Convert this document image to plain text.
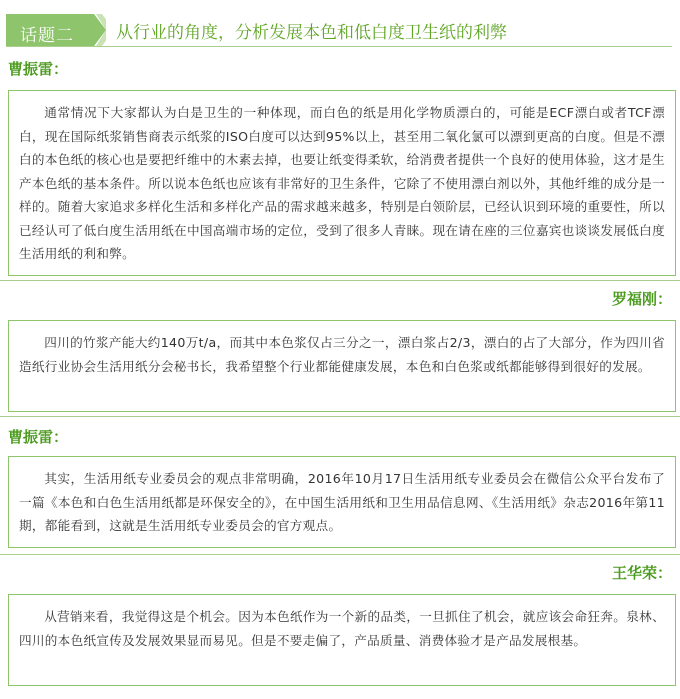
话题二 从行业的角度，分析发展本色和低白度卫生纸的利弊
曹振雷：

通常情况下大家都认为白是卫生的一种体现，而白色的纸是用化学物质漂白的，可能是ECF漂白或者TCF漂白，现在国际纸浆销售商表示纸浆的ISO白度可以达到95%以上，甚至用二氧化氯可以漂到更高的白度。但是不漂白的本色纸的核心也是要把纤维中的木素去掉，也要让纸变得柔软，给消费者提供一个良好的使用体验，这才是生产本色纸的基本条件。所以说本色纸也应该有非常好的卫生条件，它除了不使用漂白剂以外，其他纤维的成分是一样的。随着大家追求多样化生活和多样化产品的需求越来越多，特别是白领阶层，已经认识到环境的重要性，所以已经认可了低白度生活用纸在中国高端市场的定位，受到了很多人青睐。现在请在座的三位嘉宾也谈谈发展低白度生活用纸的利和弊。

罗福刚：

四川的竹浆产能大约140万t/a，而其中本色浆仅占三分之一，漂白浆占2/3，漂白的占了大部分，作为四川省造纸行业协会生活用纸分会秘书长，我希望整个行业都能健康发展，本色和白色浆或纸都能够得到很好的发展。

曹振雷：

其实，生活用纸专业委员会的观点非常明确，2016年10月17日生活用纸专业委员会在微信公众平台发布了一篇《本色和白色生活用纸都是环保安全的》，在中国生活用纸和卫生用品信息网、《生活用纸》杂志2016年第11期，都能看到，这就是生活用纸专业委员会的官方观点。

王华荣：

从营销来看，我觉得这是个机会。因为本色纸作为一个新的品类，一旦抓住了机会，就应该会命狂奔。泉林、四川的本色纸宣传及发展效果显而易见。但是不要走偏了，产品质量、消费体验才是产品发展根基。
